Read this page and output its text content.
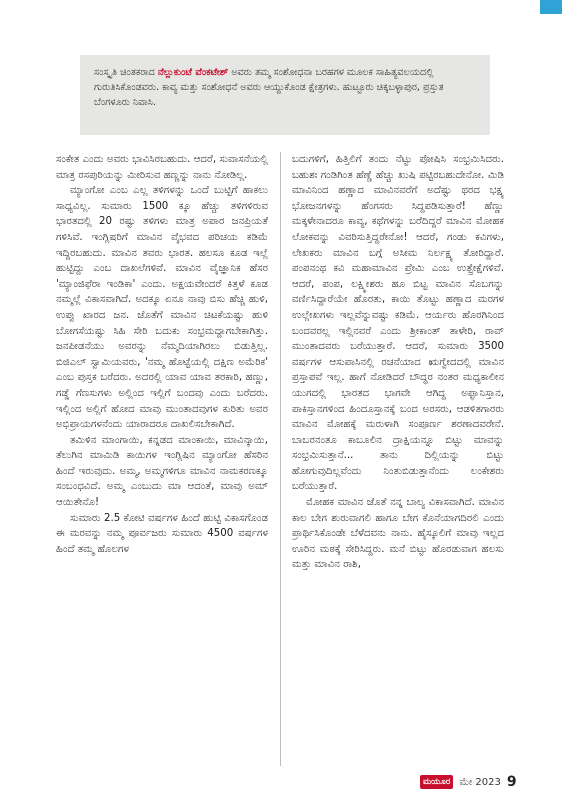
ಸಂಸ್ಕೃತಿ ಚಿಂತಕರಾದ ನೆಲ್ಲುಕುಂಟೆ ವೆಂಕಟೇಶ್ ಅವರು ತಮ್ಮ ಸಂಶೋಧನಾ ಬರಹಗಳ ಮೂಲಕ ಸಾಹಿತ್ಯವಲಯದಲ್ಲಿ ಗುರುತಿಸಿಕೊಂಡವರು. ಕಾವ್ಯ ಮತ್ತು ಸಂಶೋಧನೆ ಅವರು ಆಯ್ದುಕೊಂಡ ಕ್ಷೇತ್ರಗಳು. ಹುಟ್ಟೂರು ಚಿಕ್ಕಬಳ್ಳಾಪುರ, ಪ್ರಸ್ತುತ ಬೆಂಗಳೂರು ನಿವಾಸಿ.

ಸಂಕೇತ ಎಂದು ಅವರು ಭಾವಿಸಿರಬಹುದು. ಆದರೆ, ಸುವಾಸನೆಯಲ್ಲಿ ಮಾತ್ರ ರಸಪುರಿಯನ್ನು ಮೀರಿಸುವ ಹಣ್ಣನ್ನು ನಾನು ನೋಡಿಲ್ಲ.

ಮ್ಯಾಂಗೋ ಎಂಬ ಎಲ್ಲ ತಳಿಗಳನ್ನು ಒಂದೆ ಬುಟ್ಟಿಗೆ ಹಾಕಲು ಸಾಧ್ಯವಿಲ್ಲ. ಸುಮಾರು 1500 ಕ್ಕೂ ಹೆಚ್ಚು ತಳಿಗಳಿರುವ ಭಾರತದಲ್ಲಿ 20 ರಷ್ಟು ತಳಿಗಳು ಮಾತ್ರ ಅಪಾರ ಜನಪ್ರಿಯತೆ ಗಳಿಸಿವೆ. ಇಂಗ್ಲಿಷರಿಗೆ ಮಾವಿನ ವೈಭವದ ಪರಿಚಯ ಕಡಿಮೆ ಇದ್ದಿರಬಹುದು. ಮಾವಿನ ತವರು ಭಾರತ. ಹಲಸೂ ಕೂಡ ಇಲ್ಲೆ ಹುಟ್ಟಿದ್ದು ಎಂಬ ದಾಖಲೆಗಳಿವೆ. ಮಾವಿನ ವೈಜ್ಞಾನಿಕ ಹೆಸರ 'ಮ್ಯಾಂಜಿಫೆರಾ ಇಂಡಿಕಾ' ಎಂದು. ಅಕ್ಷಯವೇಂದರೆ ಕಿತ್ತಳೆ ಕೂಡ ನಮ್ಮಲ್ಲೆ ವಿಕಾಸವಾಗಿದೆ. ಅದಕ್ಕೂ ಏನೂ ನಾವು ಬಿಸು ಹೆಚ್ಚಿ ಹುಳಿ, ಉಪ್ಪು ಖಾರದ ಜನ. ಜೊತೆಗೆ ಮಾವಿನ ಚಿಟಕೆಯಷ್ಟು ಹುಳಿ ಬೋಗಸೆಯಷ್ಟು ಸಿಹಿ ಸೇರಿ ಬದುಕು ಸಂಭ್ರಮದ್ದಾಗಬೇಕಾಗಿತ್ತು. ಜನಪೀಡನೆಯು ಅವರನ್ನು ನೆಮ್ಮದಿಯಾಗಿರಲು ಬಿಡುತ್ತಿಲ್ಲ. ಬಿಜಿಎಲ್ ಸ್ವಾಮಿಯವರು, 'ನಮ್ಮ ಹೊಟ್ಟೆಯಲ್ಲಿ ದಕ್ಷಿಣ ಅಮೆರಿಕ' ಎಂಬ ಪುಸ್ತಕ ಬರೆದರು. ಅದರಲ್ಲಿ ಯಾವ ಯಾವ ತರಕಾರಿ, ಹಣ್ಣು, ಗಡ್ಡೆ ಗೆಣಸುಗಳು ಅಲ್ಲಿಂದ ಇಲ್ಲಿಗೆ ಬಂದವು ಎಂದು ಬರೆದರು. ಇಲ್ಲಿಂದ ಅಲ್ಲಿಗೆ ಹೋದ ಮಾವು ಮುಂತಾದವುಗಳ ಕುರಿತು ಅವರ ಅಭಿಪ್ರಾಯಗಳನೆಂದು ಯಾರಾದರೂ ದಾಖಲಿಸಬೇಕಾಗಿದೆ.

ತಮಿಳಿನ ಮಾಂಗಾಯಿ, ಕನ್ನಡದ ಮಾಂಕಾಯಿ, ಮಾವಿನ್ಕಾಯಿ, ತೆಲುಗಿನ ಮಾಮಿಡಿ ಕಾಯಿಗಳ ಇಂಗ್ಲಿಷಿನ ಮ್ಯಾಂಗೋ ಹೆಸರಿನ ಹಿಂದೆ ಇರುವುದು. ಅಮ್ಮ, ಅಮ್ಮಗಳಿಗೂ ಮಾವಿನ ನಾಮಕರಣಕ್ಕೂ ಸಂಬಂಧವಿದೆ. ಅಮ್ಮ ಎಂಬುದು ಮಾ ಆದಂತೆ, ಮಾವು ಅಮ್ ಆಯಿತೇನೊ!

ಸುಮಾರು 2.5 ಕೋಟಿ ವರ್ಷಗಳ ಹಿಂದೆ ಹುಟ್ಟಿ ವಿಕಾಸಗೊಂಡ ಈ ಮರವನ್ನು ನಮ್ಮ ಪೂರ್ವಜರು ಸುಮಾರು 4500 ವರ್ಷಗಳ ಹಿಂದೆ ತಮ್ಮ ಹೊಲಗಳ

ಬದುಗಳಿಗೆ, ಹಿತ್ತಿಲಿಗೆ ತಂದು ನೆಟ್ಟು ಪೋಷಿಸಿ ಸಂಭ್ರಮಿಸಿದರು. ಬಹುಶಃ ಗಂಡಿಗಿಂತ ಹೆಣ್ಣೆ ಹೆಚ್ಚು ಖುಷಿ ಪಟ್ಟಿರಬಹುದೇನೋ. ಮಿಡಿ ಮಾವಿನಿಂದ ಹಣ್ಣಾದ ಮಾವಿನವರೆಗೆ ಅದೆಷ್ಟು ಥರದ ಭಕ್ಷ್ಯ ಭೋಜನಗಳನ್ನು ಹೆಂಗಸರು ಸಿದ್ದಪಡಿಸುತ್ತಾರೆ! ಹೆಣ್ಣು ಮಕ್ಕಳೇನಾದರೂ ಕಾವ್ಯ, ಕಥೆಗಳನ್ನು ಬರೆದಿದ್ದರೆ ಮಾವಿನ ಮೋಹಕ ಲೋಕವನ್ನು ವಿವರಿಸುತ್ತಿದ್ದರೇನೋ! ಆದರೆ, ಗಂಡು ಕವಿಗಳು, ಲೇಖಕರು ಮಾವಿನ ಬಗ್ಗೆ ಅಸೀಮ ನಿರ್ಲಕ್ಷ್ಯ ತೋರಿದ್ದಾರೆ. ಪಂಪನಂಥ ಕವಿ ಮಹಾಮಾವಿನ ಪ್ರೇಮಿ ಎಂಬ ಉತ್ಪ್ರೇಕ್ಷೆಗಳಿವೆ. ಆದರೆ, ಪಂಪ, ಲಕ್ಷ್ಮೀಶರು ಹೂ ಬಿಟ್ಟ ಮಾವಿನ ಸೊಬಗನ್ನು ವರ್ಣಿಸಿದ್ದಾರೆಯೇ ಹೊರತು, ಕಾಯಿ ತೊಟ್ಟು ಹಣ್ಣಾದ ಮರಗಳ ಉಲ್ಲೇಖಗಳು ಇಲ್ಲವೆನ್ನುವಷ್ಟು ಕಡಿಮೆ. ಆರ್ಯರು ಹೊರಗಿನಿಂದ ಬಂದವರಲ್ಲ ಇಲ್ಲಿನವರೆ ಎಂದು ಶ್ರೀಕಾಂತ್ ತಾಳೇರಿ, ರಾವ್ ಮುಂತಾದವರು ಬರೆಯುತ್ತಾರೆ. ಆದರೆ, ಸುಮಾರು 3500 ವರ್ಷಗಳ ಆಸುಪಾಸಿನಲ್ಲಿ ರಚನೆಯಾದ ಋಗ್ವೇದದಲ್ಲಿ ಮಾವಿನ ಪ್ರಸ್ತಾಪವೆ ಇಲ್ಲ. ಹಾಗೆ ನೋಡಿದರೆ ಬೌದ್ಧರ ನಂತರ ಮಧ್ಯಕಾಲೀನ ಯುಗದಲ್ಲಿ ಭಾರತದ ಭಾಗವೇ ಆಗಿದ್ದ ಅಫ್ಘಾನಿಸ್ತಾನ, ಪಾಕಿಸ್ತಾನಗಳಿಂದ ಹಿಂದೂಸ್ತಾನಕ್ಕೆ ಬಂದ ಅರಸರು, ಆಡಳಿತಗಾರರು ಮಾವಿನ ಮೋಹಕ್ಕೆ ಮರುಳಾಗಿ ಸಂಪೂರ್ಣ ಶರಣಾದವರೇನೆ. ಬಾಬರನಂತೂ ಕಾಬೂಲಿನ ದ್ರಾಕ್ಷಿಯನ್ನೂ ಬಿಟ್ಟು ಮಾವನ್ನು ಸಂಭ್ರಮಿಸುತ್ತಾನೆ... ತಾನು ದಿಲ್ಲಿಯನ್ನು ಬಿಟ್ಟು ಹೋಗುವುದಿಲ್ಲವೆಂದು ನಿಂತುಬಿಡುತ್ತಾನೆಂದು ಲಂಕೇಶರು ಬರೆಯುತ್ತಾರೆ.

ಮೋಹಕ ಮಾವಿನ ಜೊತೆ ನನ್ನ ಬಾಲ್ಯ ವಿಕಾಸವಾಗಿದೆ. ಮಾವಿನ ಕಾಲ ಬೇಗ ಶುರುವಾಗಲಿ ಹಾಗೂ ಬೇಗ ಕೊನೆಯಾಗದಿರಲಿ ಎಂದು ಪ್ರಾರ್ಥಿಸಿಕೊಂಡೇ ಬೆಳೆದವನು ನಾನು. ಹೈಸ್ಕೂಲಿಗೆ ಮಾವು ಇಲ್ಲದ ಊರಿನ ಮಠಕ್ಕೆ ಸೇರಿಸಿದ್ದರು. ಮನೆ ಬಿಟ್ಟು ಹೊರಡುವಾಗ ಹಲಸು ಮತ್ತು ಮಾವಿನ ರಾಶಿ,

ಮಯೂರ ಮೇ 2023 9
